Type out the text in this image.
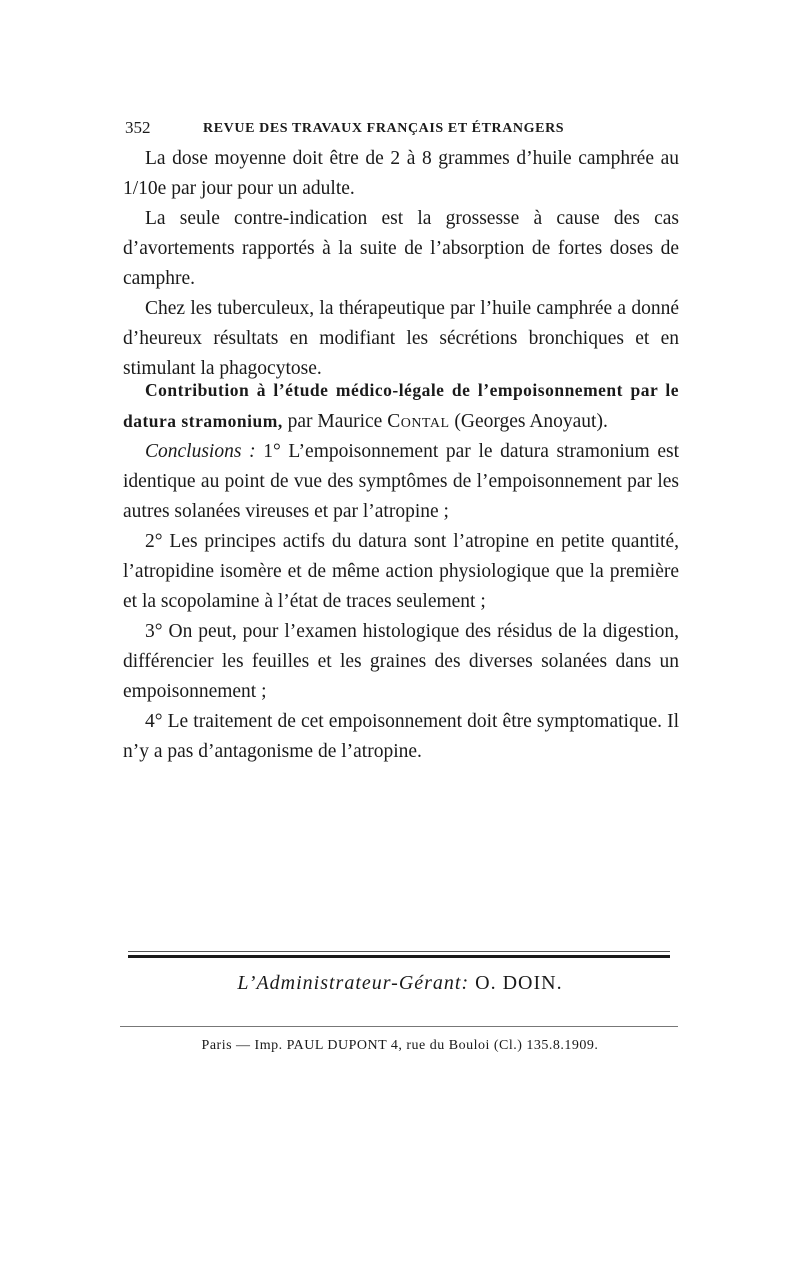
352	REVUE DES TRAVAUX FRANÇAIS ET ÉTRANGERS

La dose moyenne doit être de 2 à 8 grammes d’huile camphrée au 1/10e par jour pour un adulte.

La seule contre-indication est la grossesse à cause des cas d’avortements rapportés à la suite de l’absorption de fortes doses de camphre.

Chez les tuberculeux, la thérapeutique par l’huile camphrée a donné d’heureux résultats en modifiant les sécrétions bronchiques et en stimulant la phagocytose.

Contribution à l’étude médico-légale de l’empoisonnement par le datura stramonium, par Maurice Contal (Georges Anoyaut).

Conclusions : 1° L’empoisonnement par le datura stramonium est identique au point de vue des symptômes de l’empoisonnement par les autres solanées vireuses et par l’atropine ;

2° Les principes actifs du datura sont l’atropine en petite quantité, l’atropidine isomère et de même action physiologique que la première et la scopolamine à l’état de traces seulement ;

3° On peut, pour l’examen histologique des résidus de la digestion, différencier les feuilles et les graines des diverses solanées dans un empoisonnement ;

4° Le traitement de cet empoisonnement doit être symptomatique. Il n’y a pas d’antagonisme de l’atropine.

L’Administrateur-Gérant: O. DOIN.
Paris — Imp. PAUL DUPONT 4, rue du Bouloi (Cl.) 135.8.1909.
